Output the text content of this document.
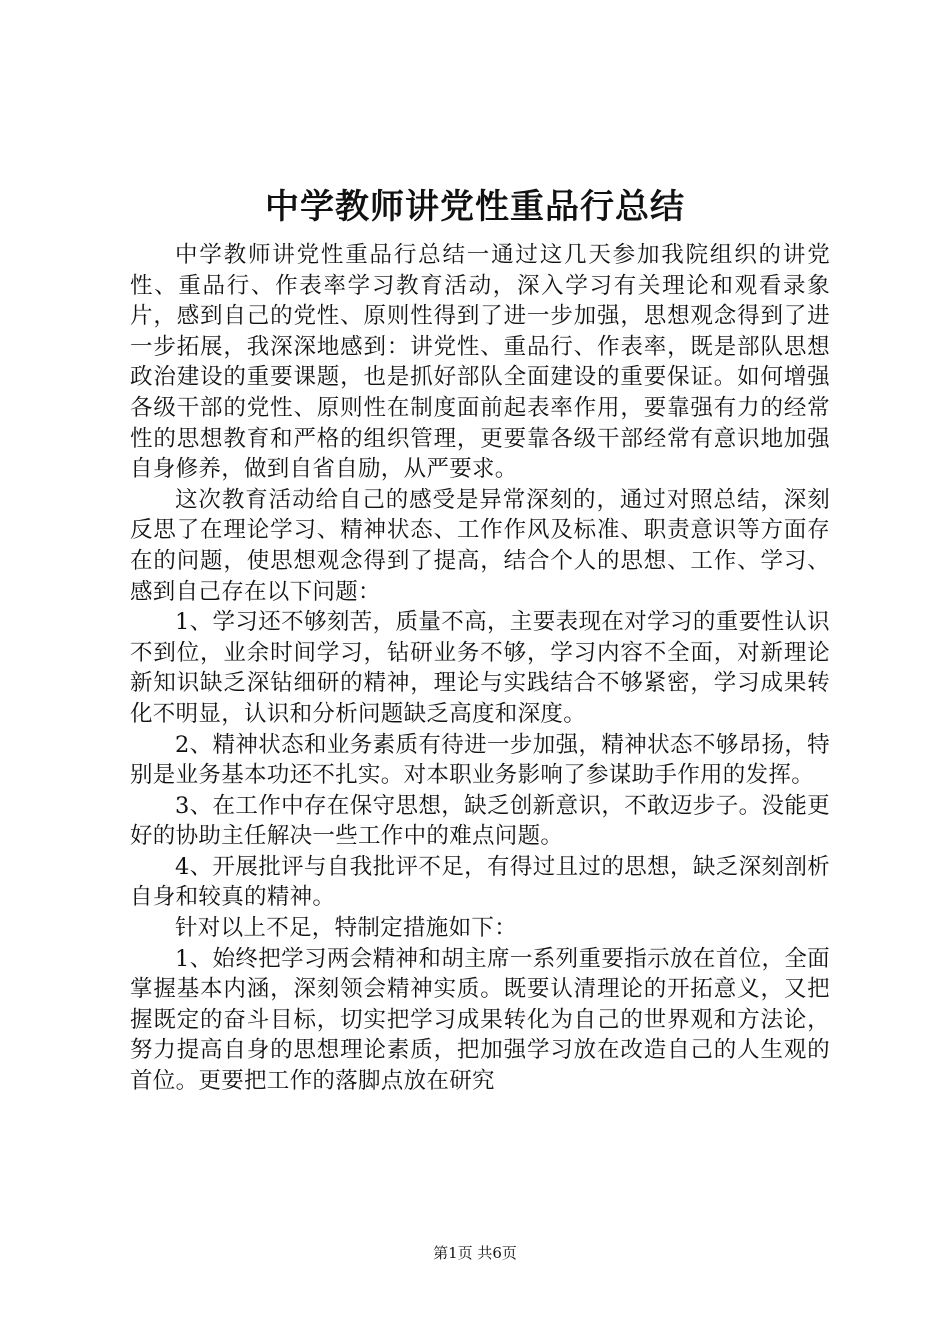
中学教师讲党性重品行总结

中学教师讲党性重品行总结一通过这几天参加我院组织的讲党性、重品行、作表率学习教育活动，深入学习有关理论和观看录象片，感到自己的党性、原则性得到了进一步加强，思想观念得到了进一步拓展，我深深地感到：讲党性、重品行、作表率，既是部队思想政治建设的重要课题，也是抓好部队全面建设的重要保证。如何增强各级干部的党性、原则性在制度面前起表率作用，要靠强有力的经常性的思想教育和严格的组织管理，更要靠各级干部经常有意识地加强自身修养，做到自省自励，从严要求。

这次教育活动给自己的感受是异常深刻的，通过对照总结，深刻反思了在理论学习、精神状态、工作作风及标准、职责意识等方面存在的问题，使思想观念得到了提高，结合个人的思想、工作、学习、感到自己存在以下问题：

1、学习还不够刻苦，质量不高，主要表现在对学习的重要性认识不到位，业余时间学习，钻研业务不够，学习内容不全面，对新理论新知识缺乏深钻细研的精神，理论与实践结合不够紧密，学习成果转化不明显，认识和分析问题缺乏高度和深度。

2、精神状态和业务素质有待进一步加强，精神状态不够昂扬，特别是业务基本功还不扎实。对本职业务影响了参谋助手作用的发挥。

3、在工作中存在保守思想，缺乏创新意识，不敢迈步子。没能更好的协助主任解决一些工作中的难点问题。

4、开展批评与自我批评不足，有得过且过的思想，缺乏深刻剖析自身和较真的精神。

针对以上不足，特制定措施如下：

1、始终把学习两会精神和胡主席一系列重要指示放在首位，全面掌握基本内涵，深刻领会精神实质。既要认清理论的开拓意义，又把握既定的奋斗目标，切实把学习成果转化为自己的世界观和方法论，努力提高自身的思想理论素质，把加强学习放在改造自己的人生观的首位。更要把工作的落脚点放在研究

第1页 共6页
